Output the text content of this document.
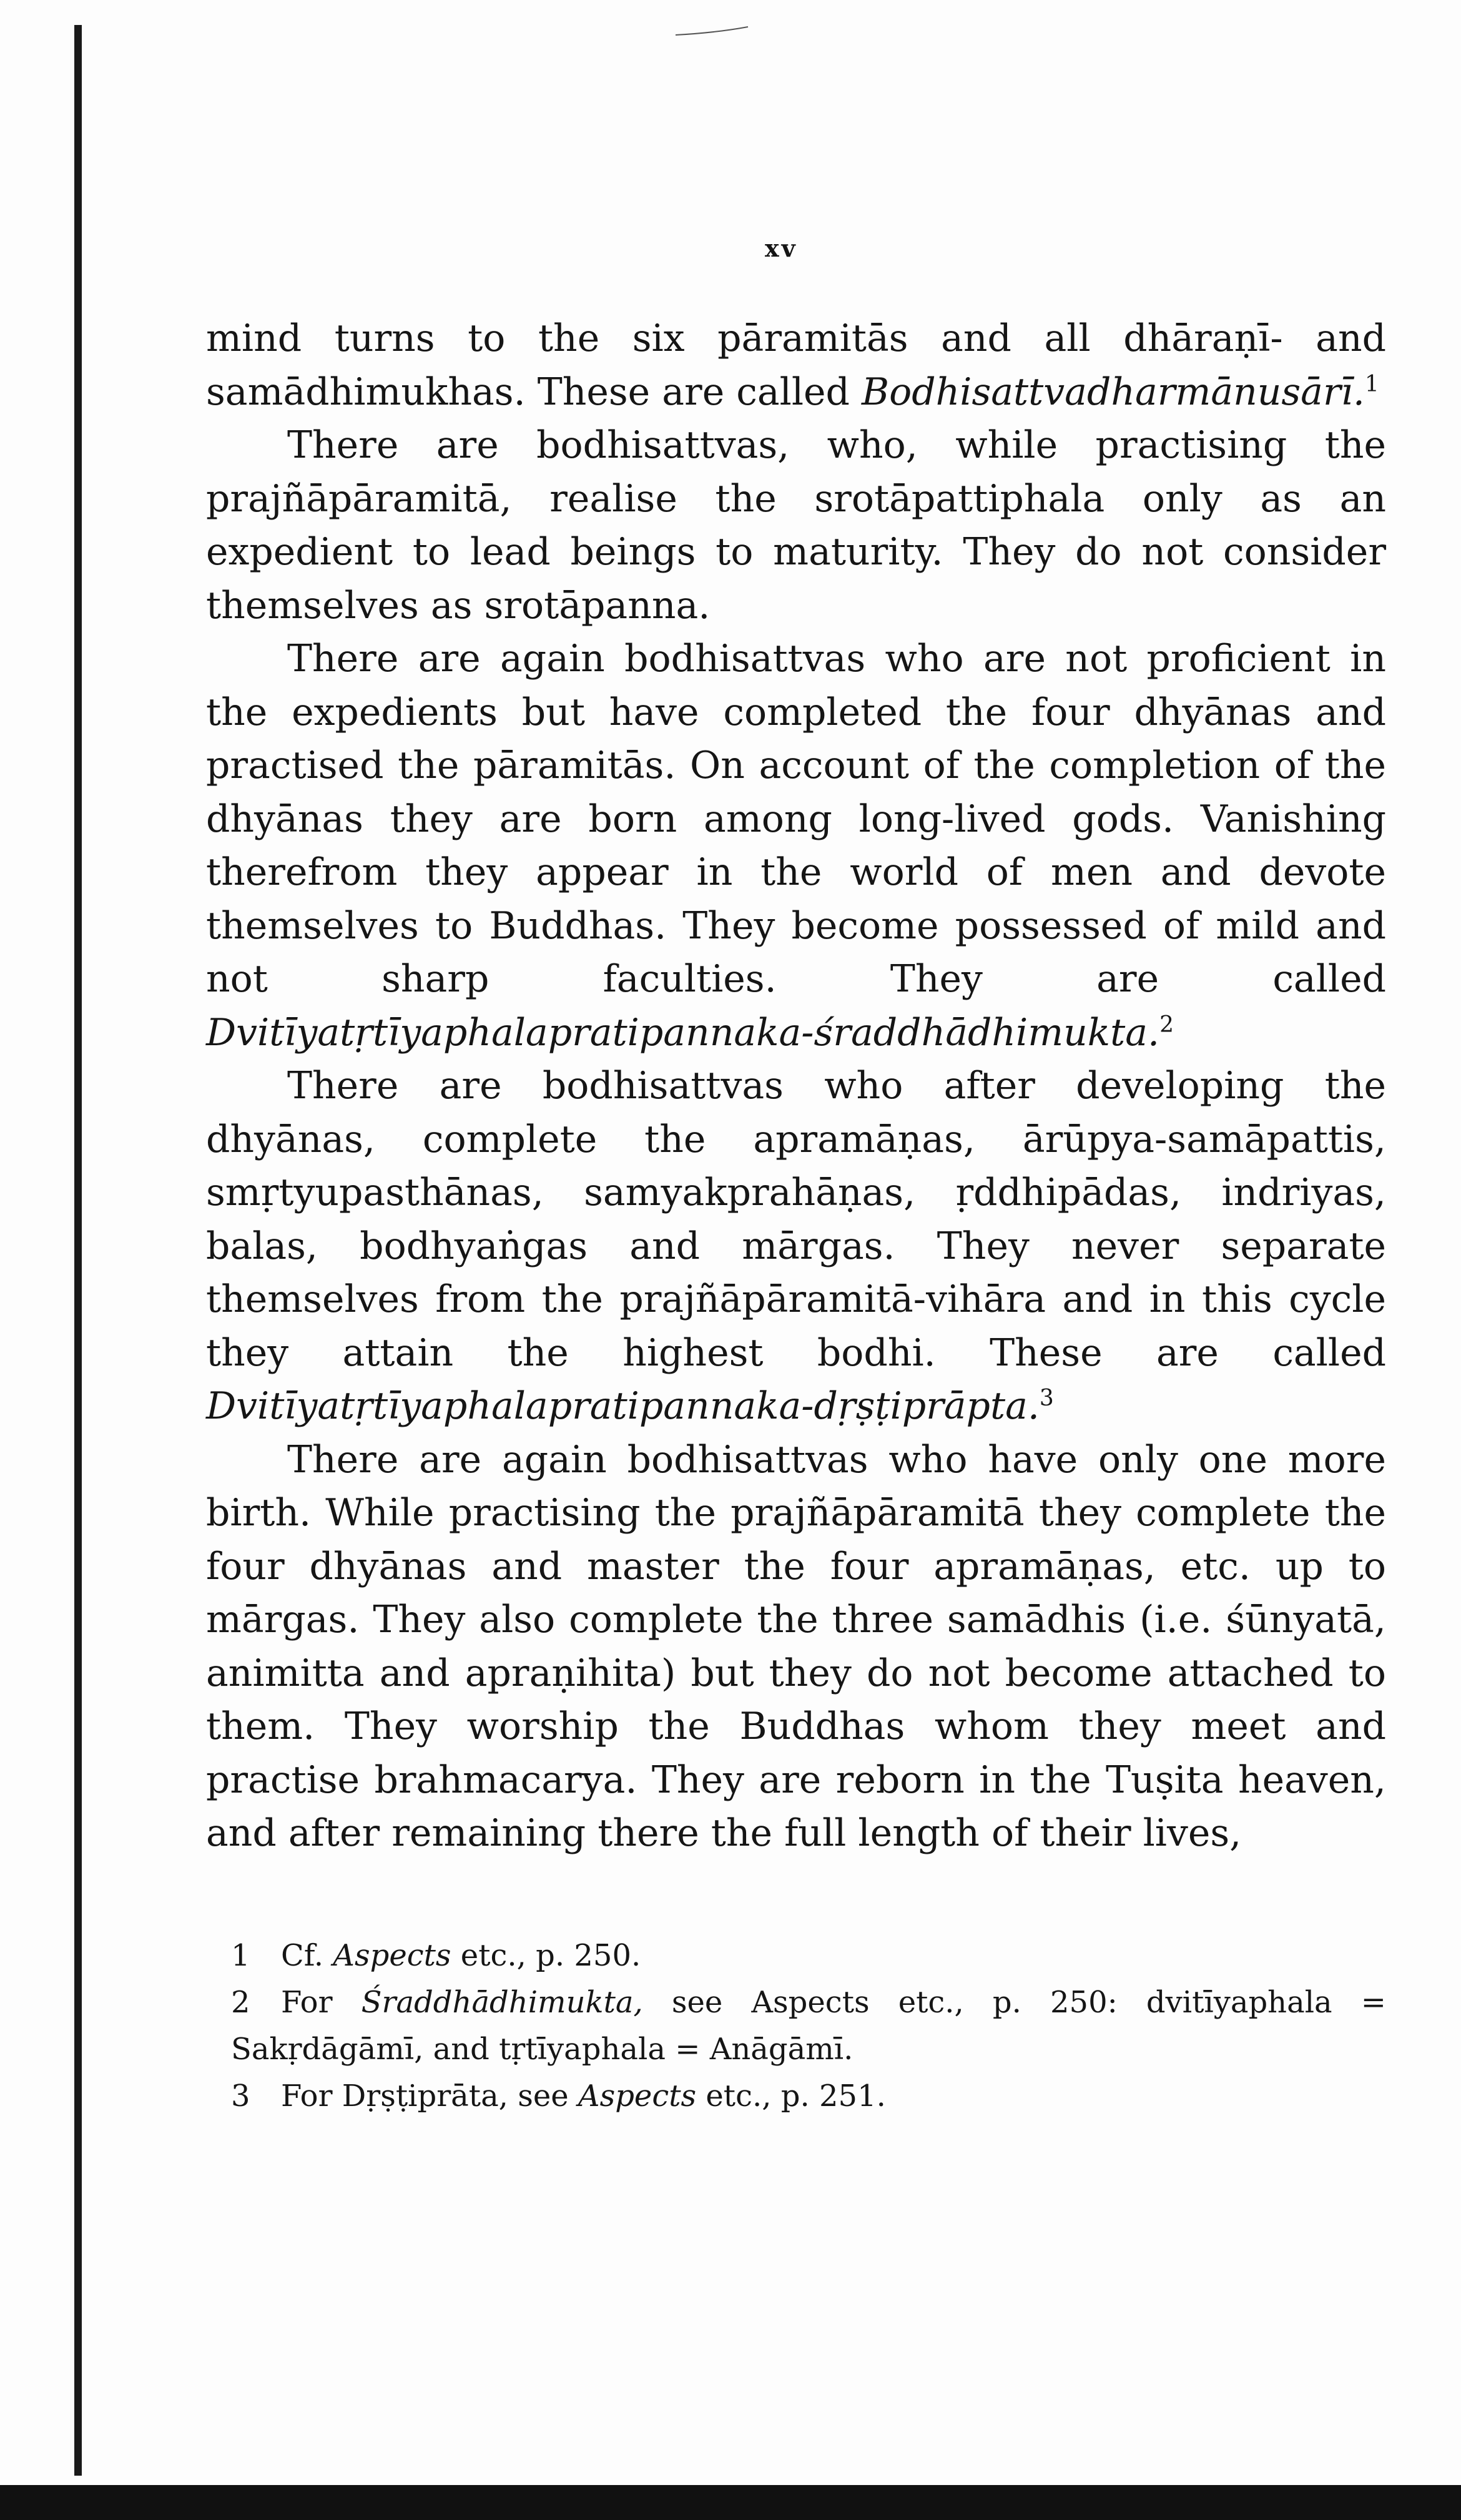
xv

mind turns to the six pāramitās and all dhāraṇī- and samādhimukhas. These are called Bodhisattvadharmānusārī.$^1$

There are bodhisattvas, who, while practising the prajñāpāramitā, realise the srotāpattiphala only as an expedient to lead beings to maturity. They do not consider themselves as srotāpanna.

There are again bodhisattvas who are not proficient in the expedients but have completed the four dhyānas and practised the pāramitās. On account of the completion of the dhyānas they are born among long-lived gods. Vanishing therefrom they appear in the world of men and devote themselves to Buddhas. They become possessed of mild and not sharp faculties. They are called Dvitīyatṛtīyaphalapratipannaka-śraddhādhimukta.$^2$

There are bodhisattvas who after developing the dhyānas, complete the apramāṇas, ārūpya-samāpattis, smṛtyupasthānas, samyakprahāṇas, ṛddhipādas, indriyas, balas, bodhyaṅgas and mārgas. They never separate themselves from the prajñāpāramitā-vihāra and in this cycle they attain the highest bodhi. These are called Dvitīyatṛtīyaphalapratipannaka-dṛṣṭiprāpta.$^3$

There are again bodhisattvas who have only one more birth. While practising the prajñāpāramitā they complete the four dhyānas and master the four apramāṇas, etc. up to mārgas. They also complete the three samādhis (i.e. śūnyatā, animitta and apraṇihita) but they do not become attached to them. They worship the Buddhas whom they meet and practise brahmacarya. They are reborn in the Tuṣita heaven, and after remaining there the full length of their lives,

1 Cf. Aspects etc., p. 250.

2 For Śraddhādhimukta, see Aspects etc., p. 250: dvitīyaphala = Sakṛdāgāmī, and tṛtīyaphala = Anāgāmī.

3 For Dṛṣṭiprāta, see Aspects etc., p. 251.
